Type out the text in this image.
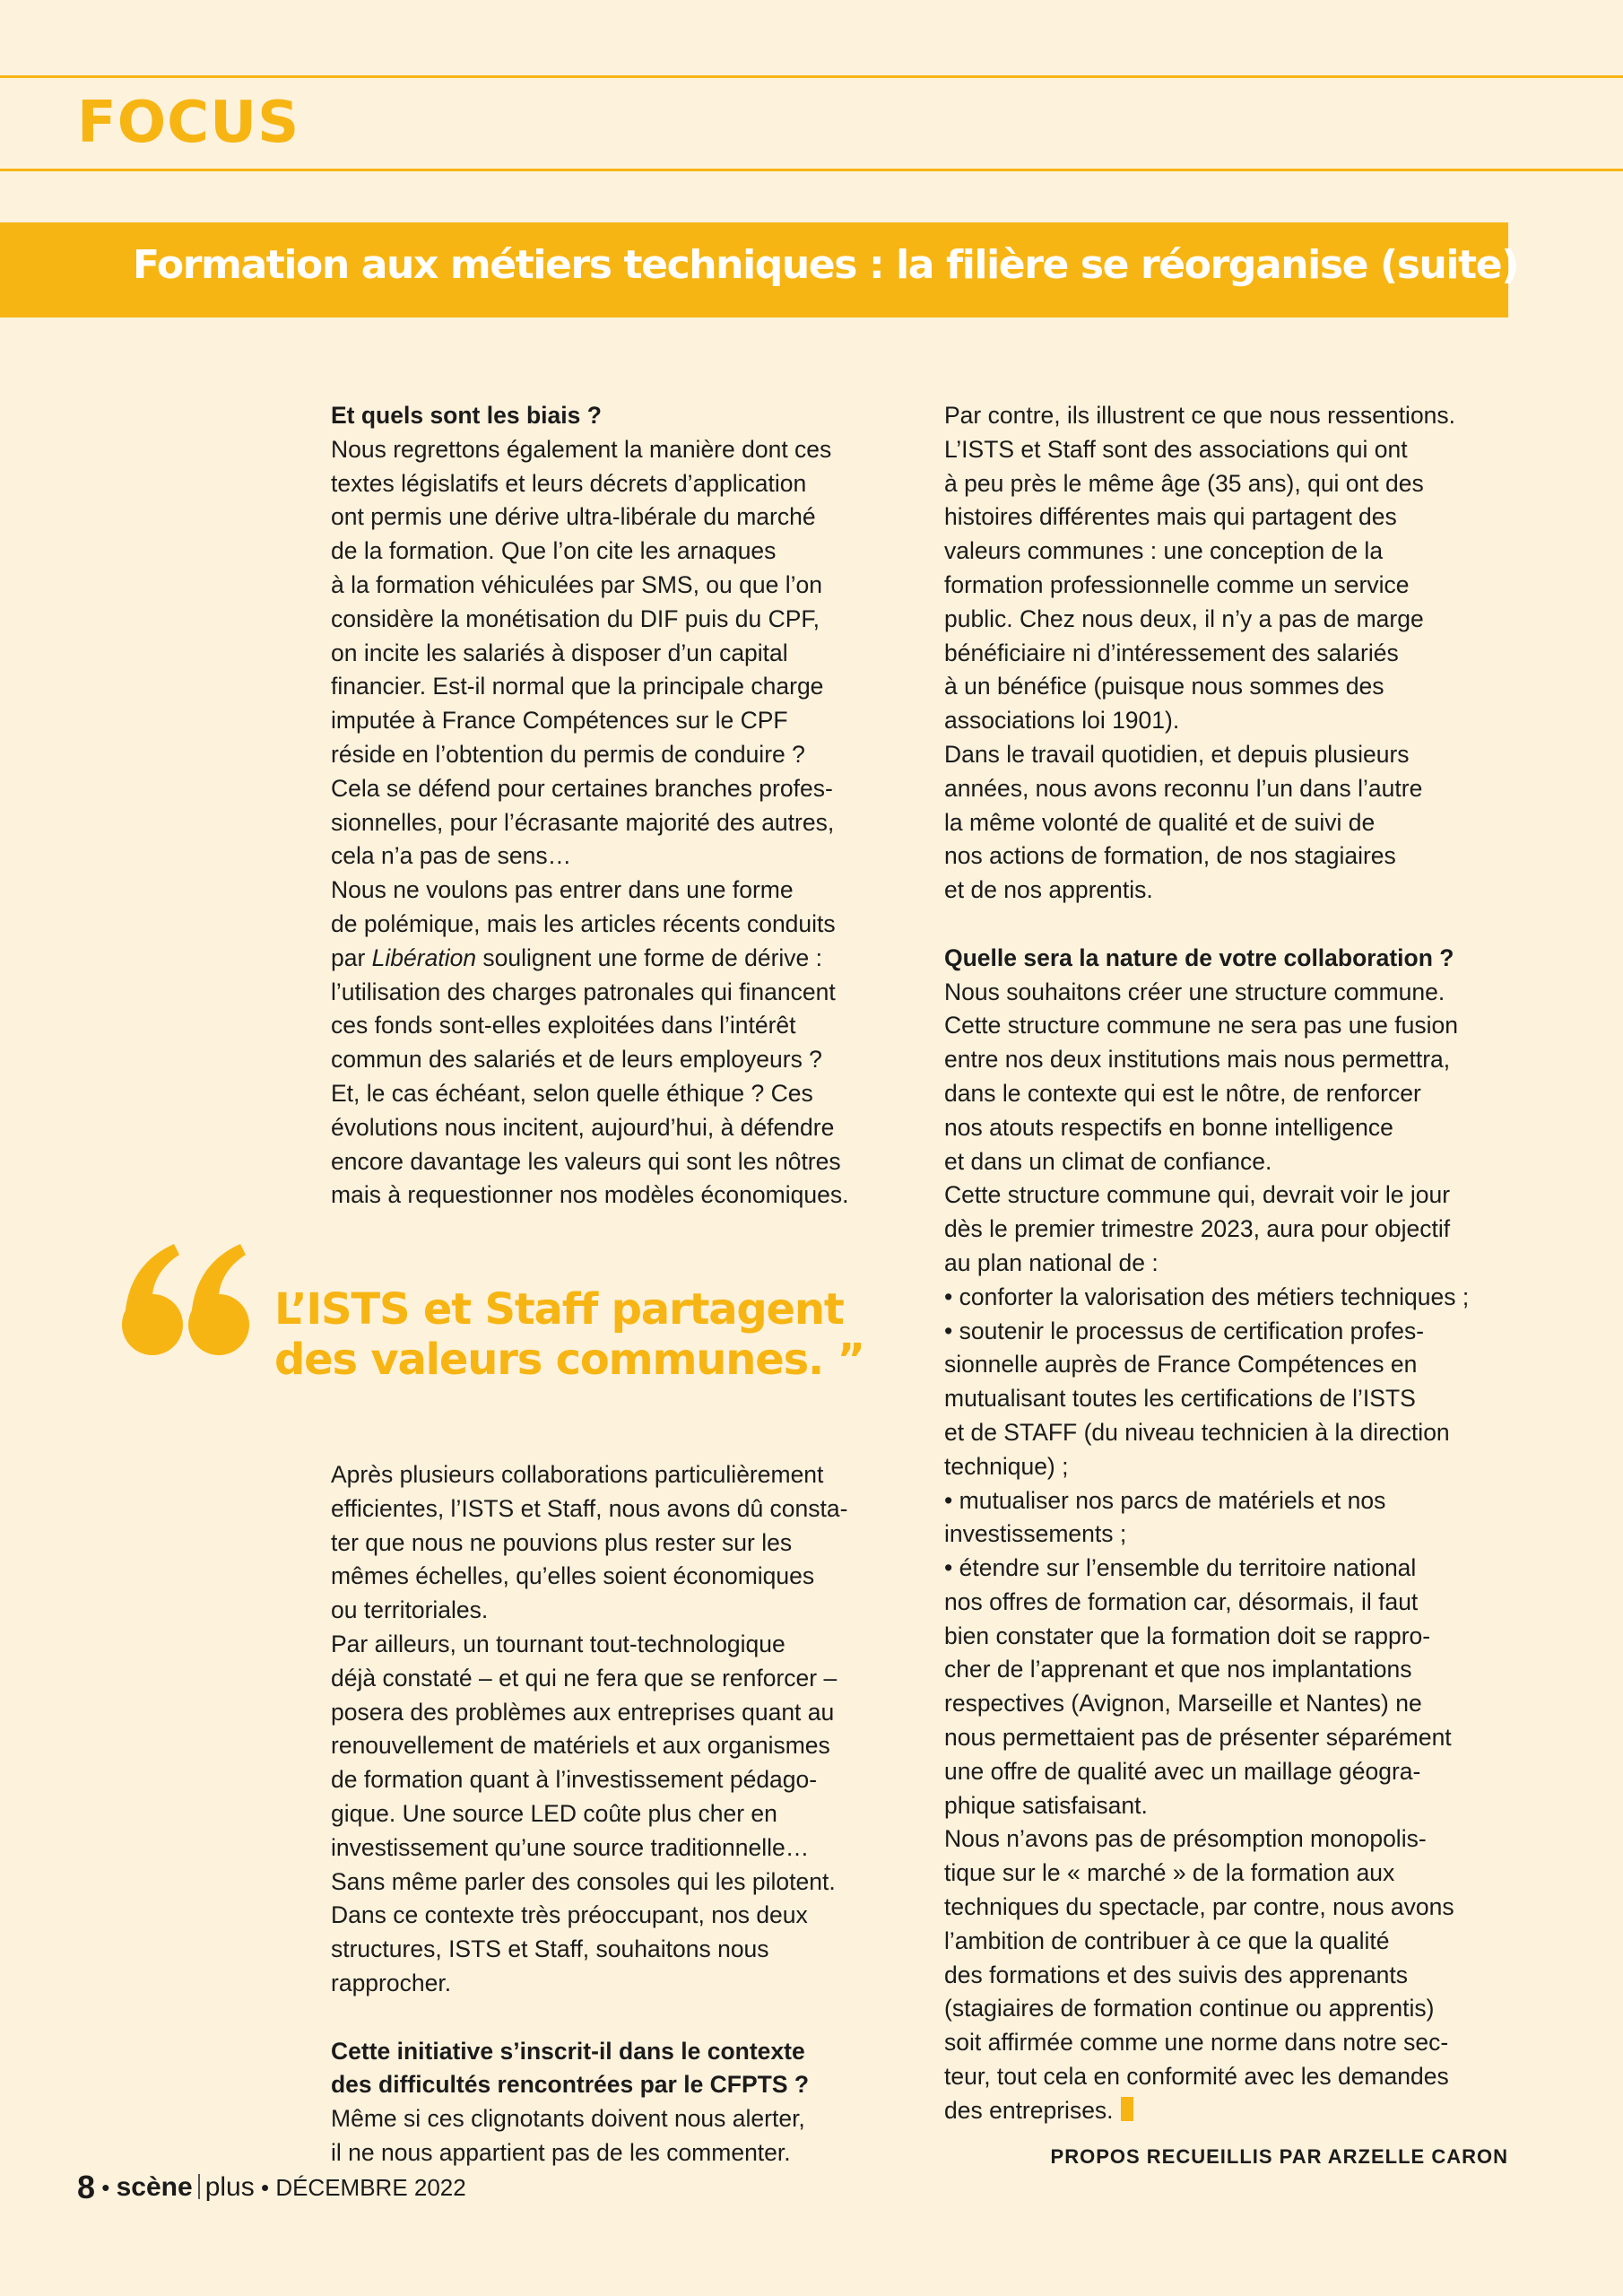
FOCUS
Formation aux métiers techniques : la filière se réorganise (suite)

Et quels sont les biais ?

Nous regrettons également la manière dont ces

textes législatifs et leurs décrets d’application

ont permis une dérive ultra-libérale du marché

de la formation. Que l’on cite les arnaques

à la formation véhiculées par SMS, ou que l’on

considère la monétisation du DIF puis du CPF,

on incite les salariés à disposer d’un capital

financier. Est-il normal que la principale charge

imputée à France Compétences sur le CPF

réside en l’obtention du permis de conduire ?

Cela se défend pour certaines branches profes-

sionnelles, pour l’écrasante majorité des autres,

cela n’a pas de sens…

Nous ne voulons pas entrer dans une forme

de polémique, mais les articles récents conduits

par Libération soulignent une forme de dérive :

l’utilisation des charges patronales qui financent

ces fonds sont-elles exploitées dans l’intérêt

commun des salariés et de leurs employeurs ?

Et, le cas échéant, selon quelle éthique ? Ces

évolutions nous incitent, aujourd’hui, à défendre

encore davantage les valeurs qui sont les nôtres

mais à requestionner nos modèles économiques.

L’ISTS et Staff partagent
des valeurs communes. ”

Après plusieurs collaborations particulièrement

efficientes, l’ISTS et Staff, nous avons dû consta-

ter que nous ne pouvions plus rester sur les

mêmes échelles, qu’elles soient économiques

ou territoriales.

Par ailleurs, un tournant tout-technologique

déjà constaté – et qui ne fera que se renforcer –

posera des problèmes aux entreprises quant au

renouvellement de matériels et aux organismes

de formation quant à l’investissement pédago-

gique. Une source LED coûte plus cher en

investissement qu’une source traditionnelle…

Sans même parler des consoles qui les pilotent.

Dans ce contexte très préoccupant, nos deux

structures, ISTS et Staff, souhaitons nous

rapprocher.

Cette initiative s’inscrit-il dans le contexte

des difficultés rencontrées par le CFPTS ?

Même si ces clignotants doivent nous alerter,

il ne nous appartient pas de les commenter.

Par contre, ils illustrent ce que nous ressentions.

L’ISTS et Staff sont des associations qui ont

à peu près le même âge (35 ans), qui ont des

histoires différentes mais qui partagent des

valeurs communes : une conception de la

formation professionnelle comme un service

public. Chez nous deux, il n’y a pas de marge

bénéficiaire ni d’intéressement des salariés

à un bénéfice (puisque nous sommes des

associations loi 1901).

Dans le travail quotidien, et depuis plusieurs

années, nous avons reconnu l’un dans l’autre

la même volonté de qualité et de suivi de

nos actions de formation, de nos stagiaires

et de nos apprentis.

Quelle sera la nature de votre collaboration ?

Nous souhaitons créer une structure commune.

Cette structure commune ne sera pas une fusion

entre nos deux institutions mais nous permettra,

dans le contexte qui est le nôtre, de renforcer

nos atouts respectifs en bonne intelligence

et dans un climat de confiance.

Cette structure commune qui, devrait voir le jour

dès le premier trimestre 2023, aura pour objectif

au plan national de :

• conforter la valorisation des métiers techniques ;

• soutenir le processus de certification profes-

sionnelle auprès de France Compétences en

mutualisant toutes les certifications de l’ISTS

et de STAFF (du niveau technicien à la direction

technique) ;

• mutualiser nos parcs de matériels et nos

investissements ;

• étendre sur l’ensemble du territoire national

nos offres de formation car, désormais, il faut

bien constater que la formation doit se rappro-

cher de l’apprenant et que nos implantations

respectives (Avignon, Marseille et Nantes) ne

nous permettaient pas de présenter séparément

une offre de qualité avec un maillage géogra-

phique satisfaisant.

Nous n’avons pas de présomption monopolis-

tique sur le « marché » de la formation aux

techniques du spectacle, par contre, nous avons

l’ambition de contribuer à ce que la qualité

des formations et des suivis des apprenants

(stagiaires de formation continue ou apprentis)

soit affirmée comme une norme dans notre sec-

teur, tout cela en conformité avec les demandes

des entreprises.

PROPOS RECUEILLIS PAR ARZELLE CARON
8 • scène plus • DÉCEMBRE 2022
